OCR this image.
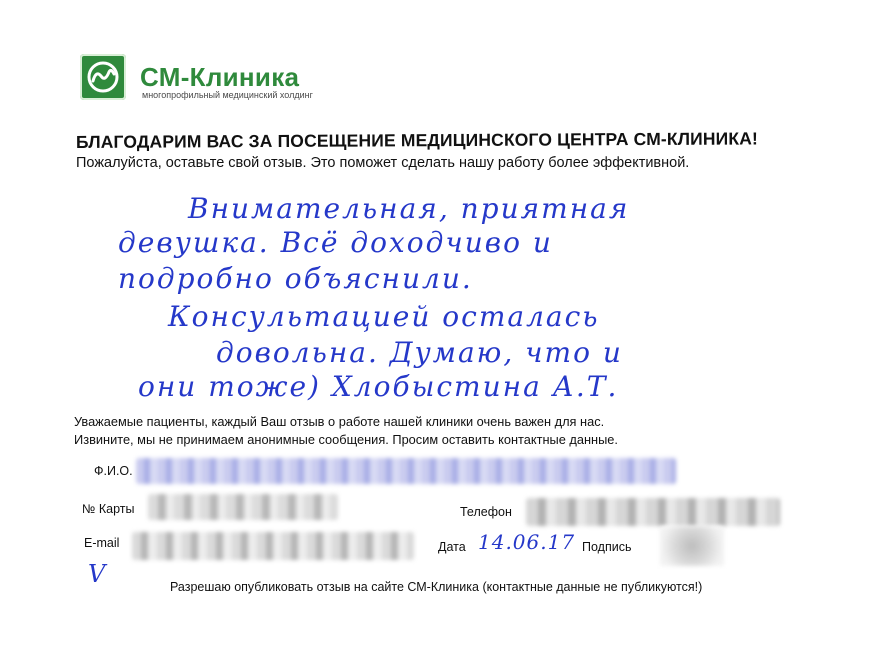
СМ-Клиника
многопрофильный медицинский холдинг
БЛАГОДАРИМ ВАС ЗА ПОСЕЩЕНИЕ МЕДИЦИНСКОГО ЦЕНТРА СМ-КЛИНИКА!
Пожалуйста, оставьте свой отзыв. Это поможет сделать нашу работу более эффективной.
Внимательная, приятная
девушка. Всё доходчиво и
подробно объяснили.
Консультацией осталась
довольна. Думаю, что и
они тоже) Хлобыстина А.Т.
Уважаемые пациенты, каждый Ваш отзыв о работе нашей клиники очень важен для нас.
Извините, мы не принимаем анонимные сообщения. Просим оставить контактные данные.
Ф.И.О.
№ Карты	Телефон
E-mail	Дата 14.06.17 Подпись
V	Разрешаю опубликовать отзыв на сайте СМ-Клиника (контактные данные не публикуются!)
